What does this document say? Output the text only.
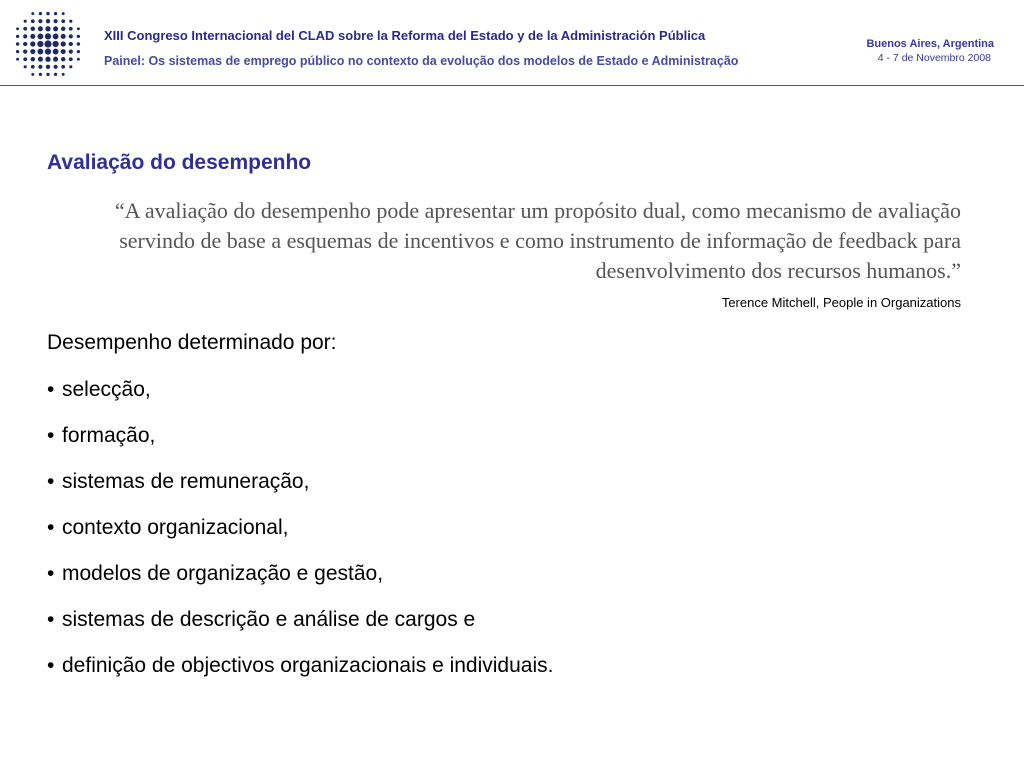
XIII Congreso Internacional del CLAD sobre la Reforma del Estado y de la Administración Pública
Painel: Os sistemas de emprego público no contexto da evolução dos modelos de Estado e Administração
Buenos Aires, Argentina
4 - 7 de Novembro 2008
Avaliação do desempenho
“A avaliação do desempenho pode apresentar um propósito dual, como mecanismo de avaliação servindo de base a esquemas de incentivos e como instrumento de informação de feedback para desenvolvimento dos recursos humanos.”
Terence Mitchell, People in Organizations
Desempenho determinado por:
• selecção,
• formação,
• sistemas de remuneração,
• contexto organizacional,
• modelos de organização e gestão,
• sistemas de descrição e análise de cargos e
• definição de objectivos organizacionais e individuais.
